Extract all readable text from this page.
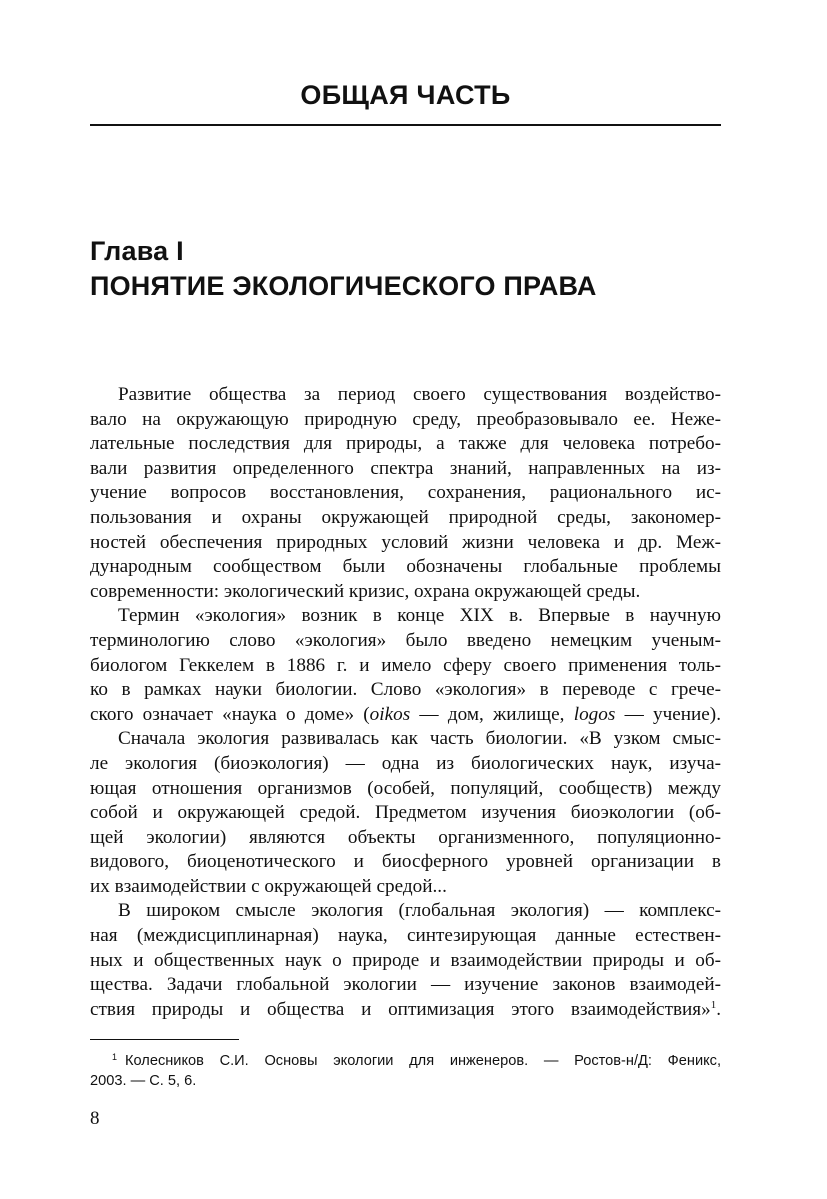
ОБЩАЯ ЧАСТЬ
Глава I
ПОНЯТИЕ ЭКОЛОГИЧЕСКОГО ПРАВА
Развитие общества за период своего существования воздейство-
вало на окружающую природную среду, преобразовывало ее. Неже-
лательные последствия для природы, а также для человека потребо-
вали развития определенного спектра знаний, направленных на из-
учение вопросов восстановления, сохранения, рационального ис-
пользования и охраны окружающей природной среды, закономер-
ностей обеспечения природных условий жизни человека и др. Меж-
дународным сообществом были обозначены глобальные проблемы
современности: экологический кризис, охрана окружающей среды.
Термин «экология» возник в конце XIX в. Впервые в научную
терминологию слово «экология» было введено немецким ученым-
биологом Геккелем в 1886 г. и имело сферу своего применения толь-
ко в рамках науки биологии. Слово «экология» в переводе с грече-
ского означает «наука о доме» (oikos — дом, жилище, logos — учение).
Сначала экология развивалась как часть биологии. «В узком смыс-
ле экология (биоэкология) — одна из биологических наук, изуча-
ющая отношения организмов (особей, популяций, сообществ) между
собой и окружающей средой. Предметом изучения биоэкологии (об-
щей экологии) являются объекты организменного, популяционно-
видового, биоценотического и биосферного уровней организации в
их взаимодействии с окружающей средой...
В широком смысле экология (глобальная экология) — комплекс-
ная (междисциплинарная) наука, синтезирующая данные естествен-
ных и общественных наук о природе и взаимодействии природы и об-
щества. Задачи глобальной экологии — изучение законов взаимодей-
ствия природы и общества и оптимизация этого взаимодействия»$^1$.
$^1$ Колесников С.И. Основы экологии для инженеров. — Ростов-н/Д: Феникс,
2003. — С. 5, 6.
8
